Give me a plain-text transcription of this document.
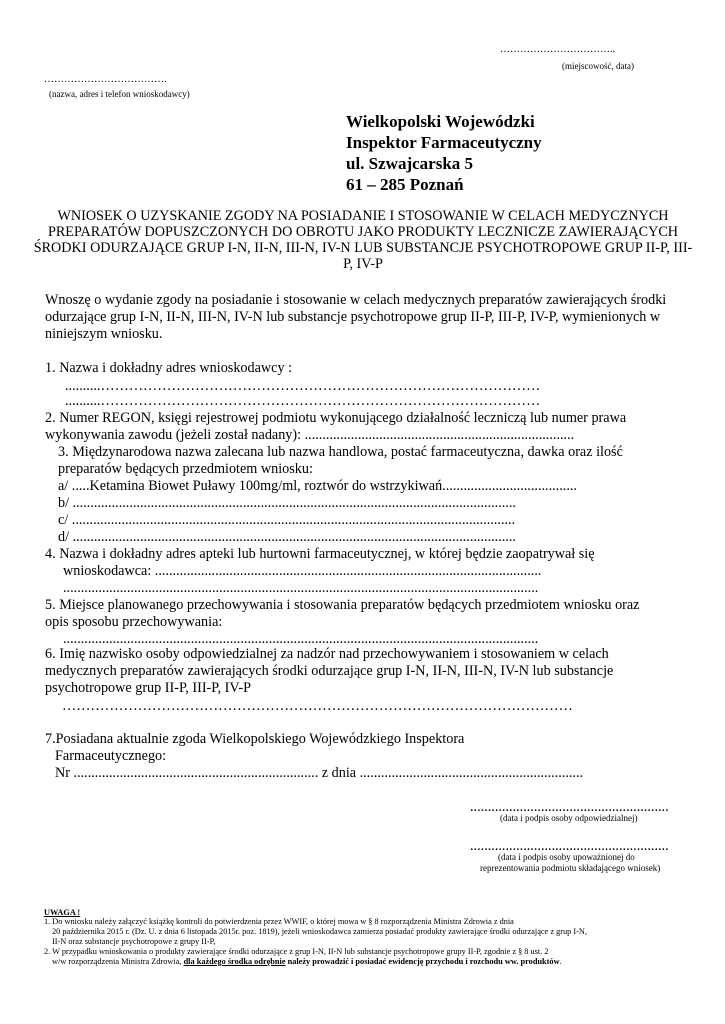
……………………………..
(miejscowość, data)
……………………………….
(nazwa, adres i telefon wnioskodawcy)
Wielkopolski Wojewódzki
Inspektor Farmaceutyczny
ul. Szwajcarska 5
61 – 285 Poznań
WNIOSEK O UZYSKANIE ZGODY NA POSIADANIE I STOSOWANIE W CELACH MEDYCZNYCH PREPARATÓW DOPUSZCZONYCH DO OBROTU JAKO PRODUKTY LECZNICZE ZAWIERAJĄCYCH ŚRODKI ODURZAJĄCE GRUP I-N, II-N, III-N, IV-N LUB SUBSTANCJE PSYCHOTROPOWE GRUP II-P, III-P, IV-P
Wnoszę o wydanie zgody na posiadanie i stosowanie w celach medycznych preparatów zawierających środki odurzające grup I-N, II-N, III-N, IV-N lub substancje psychotropowe grup II-P, III-P, IV-P, wymienionych w niniejszym wniosku.
1. Nazwa i dokładny adres wnioskodawcy :
..........…………………………………………………………………………………
..........…………………………………………………………………………………
2. Numer REGON, księgi rejestrowej podmiotu wykonującego działalność leczniczą lub numer prawa
wykonywania zawodu (jeżeli został nadany): ............................................................................
3. Międzynarodowa nazwa zalecana lub nazwa handlowa, postać farmaceutyczna, dawka oraz ilość
preparatów będących przedmiotem wniosku:
a/ .....Ketamina Biowet Puławy 100mg/ml, roztwór do wstrzykiwań......................................
b/ .............................................................................................................................
c/ .............................................................................................................................
d/ .............................................................................................................................
4. Nazwa i dokładny adres apteki lub hurtowni farmaceutycznej, w której będzie zaopatrywał się
wnioskodawca: .............................................................................................................
......................................................................................................................................
5. Miejsce planowanego przechowywania i stosowania preparatów będących przedmiotem wniosku oraz
opis sposobu przechowywania:
......................................................................................................................................
6. Imię nazwisko osoby odpowiedzialnej za nadzór nad przechowywaniem i stosowaniem w celach
medycznych preparatów zawierających środki odurzające grup I-N, II-N, III-N, IV-N lub substancje
psychotropowe grup II-P, III-P, IV-P
………………………………………………………………………………………………
7.Posiadana aktualnie zgoda Wielkopolskiego Wojewódzkiego Inspektora
Farmaceutycznego:
Nr ..................................................................... z dnia ...............................................................
........................................................
(data i podpis osoby odpowiedzialnej)
........................................................
(data i podpis osoby upoważnionej do
reprezentowania podmiotu składającego wniosek)
UWAGA !
1. Do wniosku należy załączyć książkę kontroli do potwierdzenia przez WWIF, o której mowa w § 8 rozporządzenia Ministra Zdrowia z dnia
20 października 2015 r. (Dz. U. z dnia 6 listopada 2015r. poz. 1819), jeżeli wnioskodawca zamierza posiadać produkty zawierające środki odurzające z grup I-N,
II-N oraz substancje psychotropowe z grupy II-P,
2. W przypadku wnioskowania o produkty zawierające środki odurzające z grup I-N, II-N lub substancje psychotropowe grupy II-P, zgodnie z § 8 ust. 2
w/w rozporządzenia Ministra Zdrowia, dla każdego środka odrębnie należy prowadzić i posiadać ewidencję przychodu i rozchodu ww. produktów.
